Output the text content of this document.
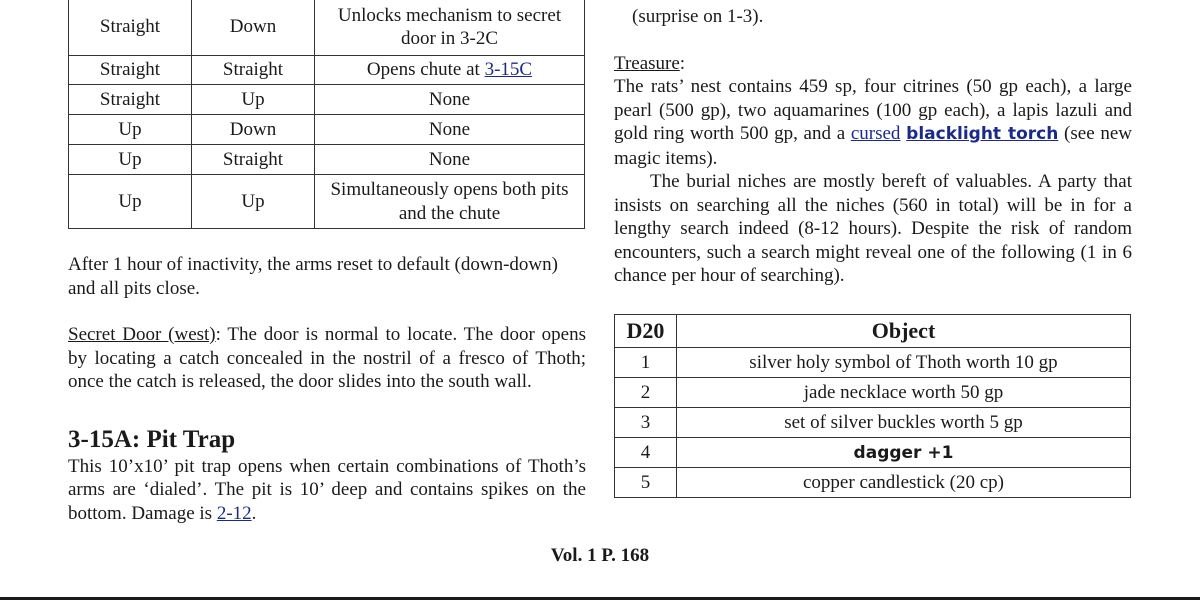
Straight	Down	Unlocks mechanism to secret door in 3-2C
Straight	Straight	Opens chute at 3-15C
Straight	Up	None
Up	Down	None
Up	Straight	None
Up	Up	Simultaneously opens both pits and the chute

After 1 hour of inactivity, the arms reset to default (down-down) and all pits close.

Secret Door (west): The door is normal to locate. The door opens by locating a catch concealed in the nostril of a fresco of Thoth; once the catch is released, the door slides into the south wall.

3-15A: Pit Trap

This 10’x10’ pit trap opens when certain combinations of Thoth’s arms are ‘dialed’. The pit is 10’ deep and contains spikes on the bottom. Damage is 2-12.

(surprise on 1-3).

Treasure:
The rats’ nest contains 459 sp, four citrines (50 gp each), a large pearl (500 gp), two aquamarines (100 gp each), a lapis lazuli and gold ring worth 500 gp, and a cursed blacklight torch (see new magic items).

The burial niches are mostly bereft of valuables. A party that insists on searching all the niches (560 in total) will be in for a lengthy search indeed (8-12 hours). Despite the risk of random encounters, such a search might reveal one of the following (1 in 6 chance per hour of searching).

D20	Object
1	silver holy symbol of Thoth worth 10 gp
2	jade necklace worth 50 gp
3	set of silver buckles worth 5 gp
4	dagger +1
5	copper candlestick (20 cp)
Vol. 1 P. 168
